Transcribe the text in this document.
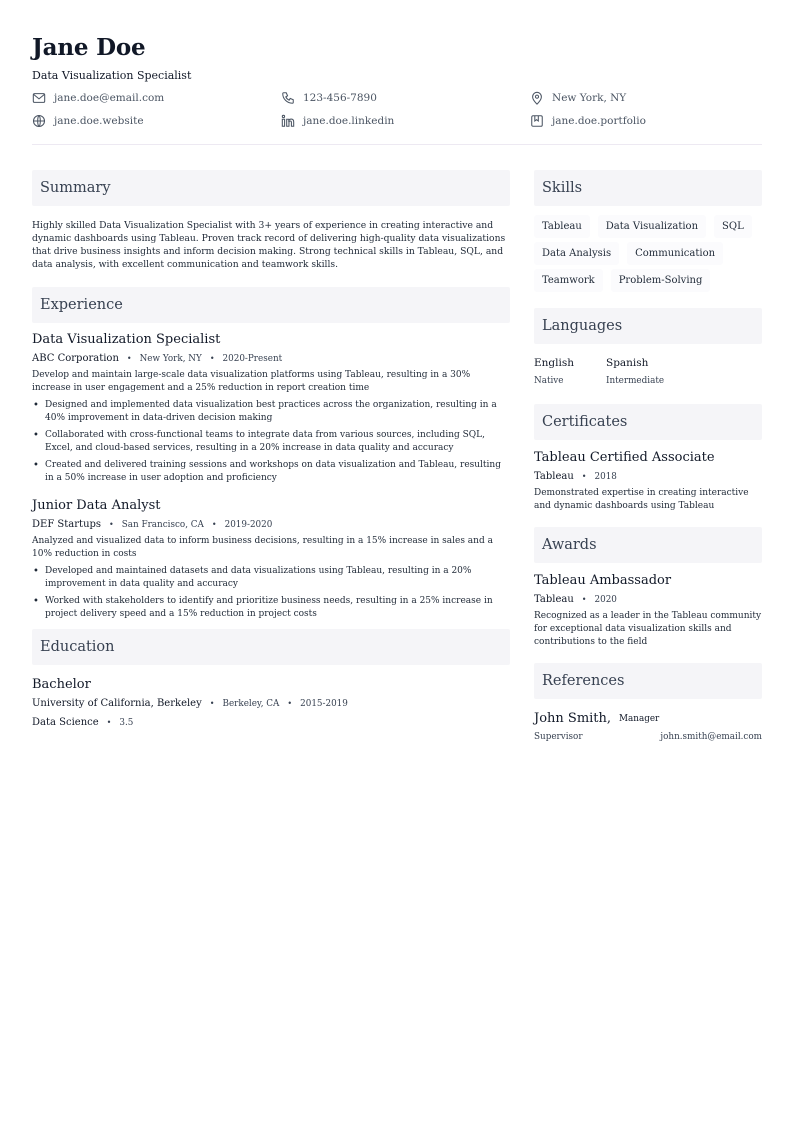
Jane Doe
Data Visualization Specialist
jane.doe@email.com	123-456-7890	New York, NY
jane.doe.website	jane.doe.linkedin	jane.doe.portfolio
Summary
Highly skilled Data Visualization Specialist with 3+ years of experience in creating interactive and dynamic dashboards using Tableau. Proven track record of delivering high-quality data visualizations that drive business insights and inform decision making. Strong technical skills in Tableau, SQL, and data analysis, with excellent communication and teamwork skills.
Experience
Data Visualization Specialist
ABC Corporation • New York, NY • 2020-Present
Develop and maintain large-scale data visualization platforms using Tableau, resulting in a 30% increase in user engagement and a 25% reduction in report creation time
• Designed and implemented data visualization best practices across the organization, resulting in a 40% improvement in data-driven decision making
• Collaborated with cross-functional teams to integrate data from various sources, including SQL, Excel, and cloud-based services, resulting in a 20% increase in data quality and accuracy
• Created and delivered training sessions and workshops on data visualization and Tableau, resulting in a 50% increase in user adoption and proficiency
Junior Data Analyst
DEF Startups • San Francisco, CA • 2019-2020
Analyzed and visualized data to inform business decisions, resulting in a 15% increase in sales and a 10% reduction in costs
• Developed and maintained datasets and data visualizations using Tableau, resulting in a 20% improvement in data quality and accuracy
• Worked with stakeholders to identify and prioritize business needs, resulting in a 25% increase in project delivery speed and a 15% reduction in project costs
Education
Bachelor
University of California, Berkeley • Berkeley, CA • 2015-2019
Data Science • 3.5
Skills
Tableau	Data Visualization	SQL
Data Analysis	Communication
Teamwork	Problem-Solving
Languages
English
Native
Spanish
Intermediate
Certificates
Tableau Certified Associate
Tableau • 2018
Demonstrated expertise in creating interactive and dynamic dashboards using Tableau
Awards
Tableau Ambassador
Tableau • 2020
Recognized as a leader in the Tableau community for exceptional data visualization skills and contributions to the field
References
John Smith, Manager
Supervisor	john.smith@email.com
